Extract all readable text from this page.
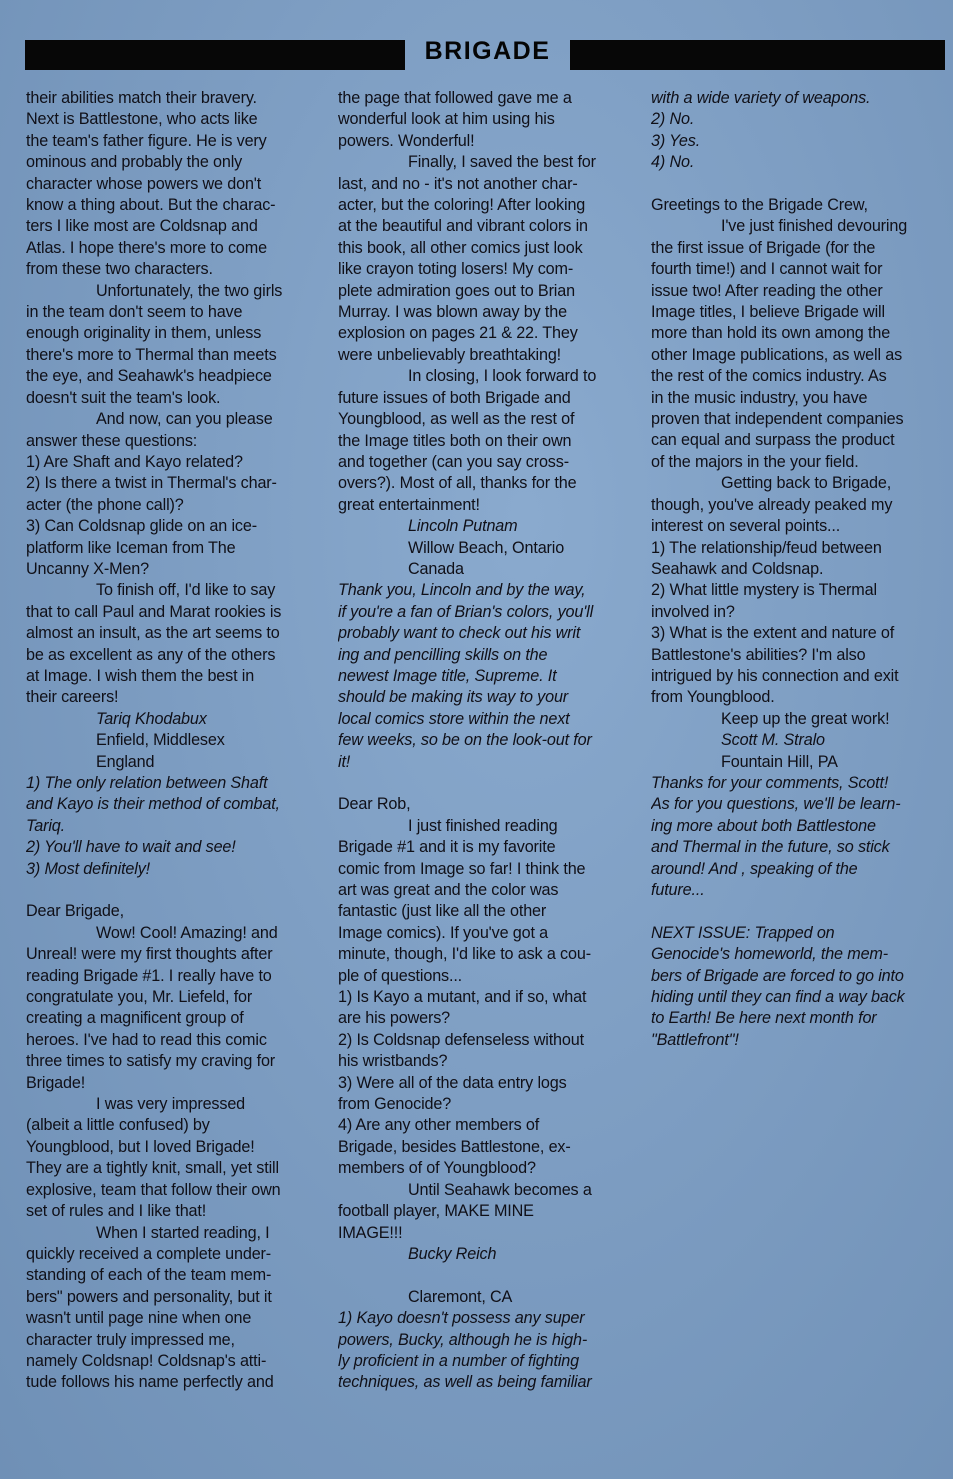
BRIGADE

their abilities match their bravery.

Next is Battlestone, who acts like

the team's father figure. He is very

ominous and probably the only

character whose powers we don't

know a thing about. But the charac-

ters I like most are Coldsnap and

Atlas. I hope there's more to come

from these two characters.

Unfortunately, the two girls

in the team don't seem to have

enough originality in them, unless

there's more to Thermal than meets

the eye, and Seahawk's headpiece

doesn't suit the team's look.

And now, can you please

answer these questions:

1) Are Shaft and Kayo related?

2) Is there a twist in Thermal's char-

acter (the phone call)?

3) Can Coldsnap glide on an ice-

platform like Iceman from The

Uncanny X-Men?

To finish off, I'd like to say

that to call Paul and Marat rookies is

almost an insult, as the art seems to

be as excellent as any of the others

at Image. I wish them the best in

their careers!

Tariq Khodabux

Enfield, Middlesex

England

1) The only relation between Shaft

and Kayo is their method of combat,

Tariq.

2) You'll have to wait and see!

3) Most definitely!

Dear Brigade,

Wow! Cool! Amazing! and

Unreal! were my first thoughts after

reading Brigade #1. I really have to

congratulate you, Mr. Liefeld, for

creating a magnificent group of

heroes. I've had to read this comic

three times to satisfy my craving for

Brigade!

I was very impressed

(albeit a little confused) by

Youngblood, but I loved Brigade!

They are a tightly knit, small, yet still

explosive, team that follow their own

set of rules and I like that!

When I started reading, I

quickly received a complete under-

standing of each of the team mem-

bers" powers and personality, but it

wasn't until page nine when one

character truly impressed me,

namely Coldsnap! Coldsnap's atti-

tude follows his name perfectly and

the page that followed gave me a

wonderful look at him using his

powers. Wonderful!

Finally, I saved the best for

last, and no - it's not another char-

acter, but the coloring! After looking

at the beautiful and vibrant colors in

this book, all other comics just look

like crayon toting losers! My com-

plete admiration goes out to Brian

Murray. I was blown away by the

explosion on pages 21 & 22. They

were unbelievably breathtaking!

In closing, I look forward to

future issues of both Brigade and

Youngblood, as well as the rest of

the Image titles both on their own

and together (can you say cross-

overs?). Most of all, thanks for the

great entertainment!

Lincoln Putnam

Willow Beach, Ontario

Canada

Thank you, Lincoln and by the way,

if you're a fan of Brian's colors, you'll

probably want to check out his writ

ing and pencilling skills on the

newest Image title, Supreme. It

should be making its way to your

local comics store within the next

few weeks, so be on the look-out for

it!

Dear Rob,

I just finished reading

Brigade #1 and it is my favorite

comic from Image so far! I think the

art was great and the color was

fantastic (just like all the other

Image comics). If you've got a

minute, though, I'd like to ask a cou-

ple of questions...

1) Is Kayo a mutant, and if so, what

are his powers?

2) Is Coldsnap defenseless without

his wristbands?

3) Were all of the data entry logs

from Genocide?

4) Are any other members of

Brigade, besides Battlestone, ex-

members of of Youngblood?

Until Seahawk becomes a

football player, MAKE MINE

IMAGE!!!

Bucky Reich

Claremont, CA

1) Kayo doesn't possess any super

powers, Bucky, although he is high-

ly proficient in a number of fighting

techniques, as well as being familiar

with a wide variety of weapons.

2) No.

3) Yes.

4) No.

Greetings to the Brigade Crew,

I've just finished devouring

the first issue of Brigade (for the

fourth time!) and I cannot wait for

issue two! After reading the other

Image titles, I believe Brigade will

more than hold its own among the

other Image publications, as well as

the rest of the comics industry. As

in the music industry, you have

proven that independent companies

can equal and surpass the product

of the majors in the your field.

Getting back to Brigade,

though, you've already peaked my

interest on several points...

1) The relationship/feud between

Seahawk and Coldsnap.

2) What little mystery is Thermal

involved in?

3) What is the extent and nature of

Battlestone's abilities? I'm also

intrigued by his connection and exit

from Youngblood.

Keep up the great work!

Scott M. Stralo

Fountain Hill, PA

Thanks for your comments, Scott!

As for you questions, we'll be learn-

ing more about both Battlestone

and Thermal in the future, so stick

around! And , speaking of the

future...

NEXT ISSUE: Trapped on

Genocide's homeworld, the mem-

bers of Brigade are forced to go into

hiding until they can find a way back

to Earth! Be here next month for

"Battlefront"!
